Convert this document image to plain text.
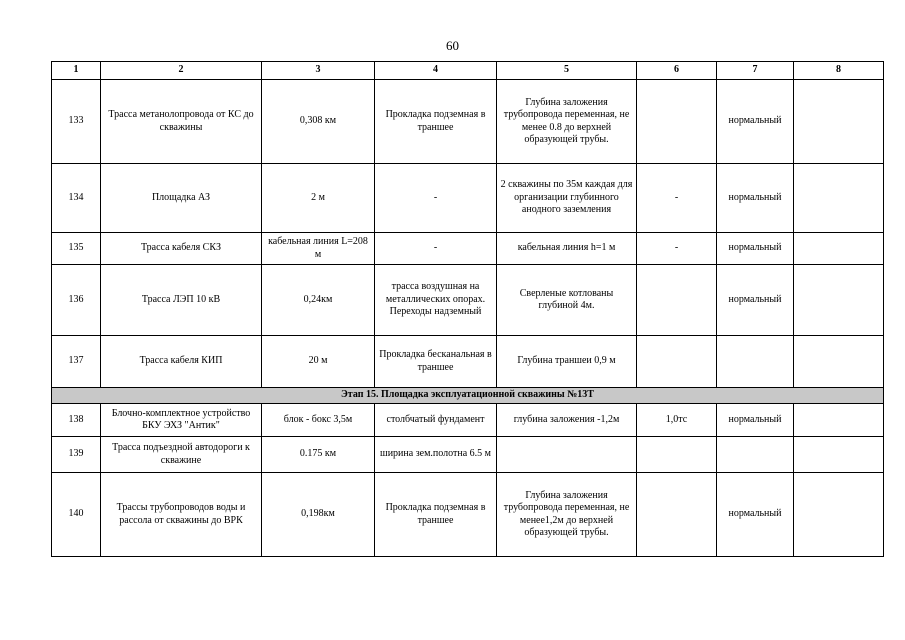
60
1	2	3	4	5	6	7	8
133	Трасса метанолопровода от КС до скважины	0,308 км	Прокладка подземная в траншее	Глубина заложения трубопровода переменная, не менее 0.8 до верхней образующей трубы.		нормальный	
134	Площадка АЗ	2 м	-	2 скважины по 35м каждая для организации глубинного анодного заземления	-	нормальный	
135	Трасса кабеля СКЗ	кабельная линия L=208 м	-	кабельная линия h=1 м	-	нормальный	
136	Трасса ЛЭП 10 кВ	0,24км	трасса воздушная на металлических опорах. Переходы надземный	Сверленые котлованы глубиной 4м.		нормальный	
137	Трасса кабеля КИП	20 м	Прокладка бесканальная в траншее	Глубина траншеи 0,9 м			
Этап 15. Площадка эксплуатационной скважины №13Т							
138	Блочно-комплектное устройство БКУ ЭХЗ "Антик"	блок - бокс 3,5м	столбчатый фундамент	глубина заложения -1,2м	1,0тс	нормальный	
139	Трасса подъездной автодороги к скважине	0.175 км	ширина зем.полотна 6.5 м				
140	Трассы трубопроводов воды и рассола от скважины до ВРК	0,198км	Прокладка подземная в траншее	Глубина заложения трубопровода переменная, не менее1,2м до верхней образующей трубы.		нормальный	
